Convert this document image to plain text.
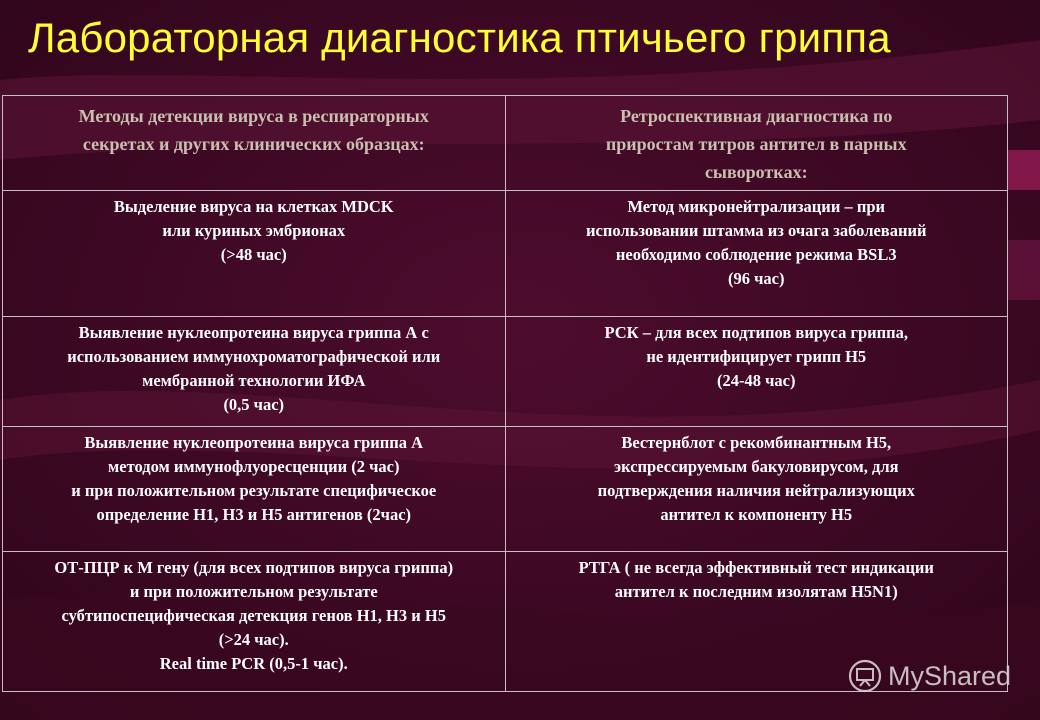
Лабораторная диагностика птичьего гриппа
Методы детекции вируса в респираторных
секретах и других клинических образцах:	Ретроспективная диагностика по
приростам титров антител в парных
сывороткax:

Выделение вируса на клетках MDCK
или куриных эмбрионах
(>48 час)	Метод микронейтрализации – при
использовании штамма из очага заболеваний
необходимо соблюдение режима BSL3
(96 час)

Выявление нуклеопротеина вируса гриппа А с
использованием иммунохроматографической или
мембранной технологии ИФА
(0,5 час)	РСК – для всех подтипов вируса гриппа,
не идентифицирует грипп Н5
(24-48 час)

Выявление нуклеопротеина вируса гриппа А
методом иммунофлуоресценции (2 час)
и при положительном результате специфическое
определение Н1, Н3 и Н5 антигенов (2час)	Вестернблот с рекомбинантным Н5,
экспрессируемым бакуловирусом, для
подтверждения наличия нейтрализующих
антител к компоненту Н5

ОТ-ПЦР к М гену (для всех подтипов вируса гриппа)
и при положительном результате
субтипоспецифическая детекция генов Н1, Н3 и Н5
(>24 час).
Real time PCR (0,5-1 час).	РТГА ( не всегда эффективный тест индикации
антител к последним изолятам Н5N1)
MyShared
